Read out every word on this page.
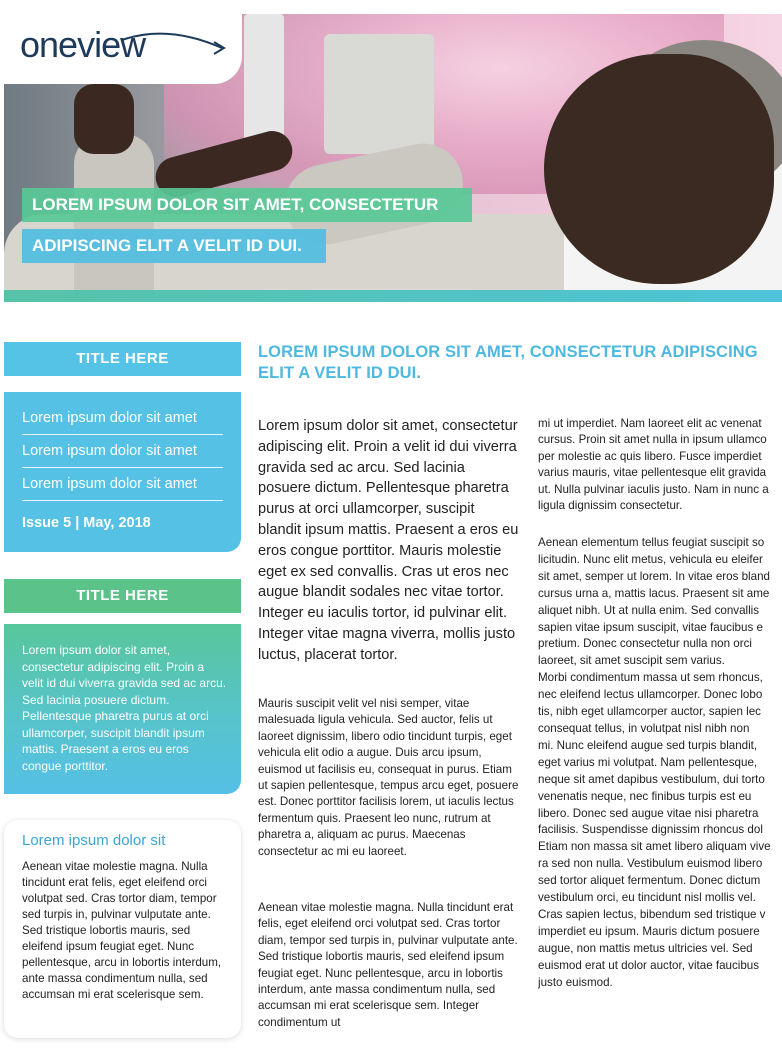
oneview
LOREM IPSUM DOLOR SIT AMET, CONSECTETUR
ADIPISCING ELIT A VELIT ID DUI.
TITLE HERE
Lorem ipsum dolor sit amet
Lorem ipsum dolor sit amet
Lorem ipsum dolor sit amet
Issue 5 | May, 2018
TITLE HERE
Lorem ipsum dolor sit amet, consectetur adipiscing elit. Proin a velit id dui viverra gravida sed ac arcu. Sed lacinia posuere dictum. Pellentesque pharetra purus at orci ullamcorper, suscipit blandit ipsum mattis. Praesent a eros eu eros congue porttitor.
Lorem ipsum dolor sit

Aenean vitae molestie magna. Nulla tincidunt erat felis, eget eleifend orci volutpat sed. Cras tortor diam, tempor sed turpis in, pulvinar vulputate ante. Sed tristique lobortis mauris, sed eleifend ipsum feugiat eget. Nunc pellentesque, arcu in lobortis interdum, ante massa condimentum nulla, sed accumsan mi erat scelerisque sem.

LOREM IPSUM DOLOR SIT AMET, CONSECTETUR ADIPISCING ELIT A VELIT ID DUI.
Lorem ipsum dolor sit amet, consectetur adipiscing elit. Proin a velit id dui viverra gravida sed ac arcu. Sed lacinia posuere dictum. Pellentesque pharetra purus at orci ullamcorper, suscipit blandit ipsum mattis. Praesent a eros eu eros congue porttitor. Mauris molestie eget ex sed convallis. Cras ut eros nec augue blandit sodales nec vitae tortor. Integer eu iaculis tortor, id pulvinar elit. Integer vitae magna viverra, mollis justo luctus, placerat tortor.
Mauris suscipit velit vel nisi semper, vitae malesuada ligula vehicula. Sed auctor, felis ut laoreet dignissim, libero odio tincidunt turpis, eget vehicula elit odio a augue. Duis arcu ipsum, euismod ut facilisis eu, consequat in purus. Etiam ut sapien pellentesque, tempus arcu eget, posuere est. Donec porttitor facilisis lorem, ut iaculis lectus fermentum quis. Praesent leo nunc, rutrum at pharetra a, aliquam ac purus. Maecenas consectetur ac mi eu laoreet.
Aenean vitae molestie magna. Nulla tincidunt erat felis, eget eleifend orci volutpat sed. Cras tortor diam, tempor sed turpis in, pulvinar vulputate ante. Sed tristique lobortis mauris, sed eleifend ipsum feugiat eget. Nunc pellentesque, arcu in lobortis interdum, ante massa condimentum nulla, sed accumsan mi erat scelerisque sem. Integer condimentum ut
mi ut imperdiet. Nam laoreet elit ac venenat
cursus. Proin sit amet nulla in ipsum ullamco
per molestie ac quis libero. Fusce imperdiet
varius mauris, vitae pellentesque elit gravida
ut. Nulla pulvinar iaculis justo. Nam in nunc a
ligula dignissim consectetur.
Aenean elementum tellus feugiat suscipit so
licitudin. Nunc elit metus, vehicula eu eleifer
sit amet, semper ut lorem. In vitae eros bland
cursus urna a, mattis lacus. Praesent sit ame
aliquet nibh. Ut at nulla enim. Sed convallis
sapien vitae ipsum suscipit, vitae faucibus e
pretium. Donec consectetur nulla non orci
laoreet, sit amet suscipit sem varius.
Morbi condimentum massa ut sem rhoncus,
nec eleifend lectus ullamcorper. Donec lobo
tis, nibh eget ullamcorper auctor, sapien lec
consequat tellus, in volutpat nisl nibh non
mi. Nunc eleifend augue sed turpis blandit,
eget varius mi volutpat. Nam pellentesque,
neque sit amet dapibus vestibulum, dui torto
venenatis neque, nec finibus turpis est eu
libero. Donec sed augue vitae nisi pharetra
facilisis. Suspendisse dignissim rhoncus dol
Etiam non massa sit amet libero aliquam vive
ra sed non nulla. Vestibulum euismod libero
sed tortor aliquet fermentum. Donec dictum
vestibulum orci, eu tincidunt nisl mollis vel.
Cras sapien lectus, bibendum sed tristique v
imperdiet eu ipsum. Mauris dictum posuere
augue, non mattis metus ultricies vel. Sed
euismod erat ut dolor auctor, vitae faucibus
justo euismod.
